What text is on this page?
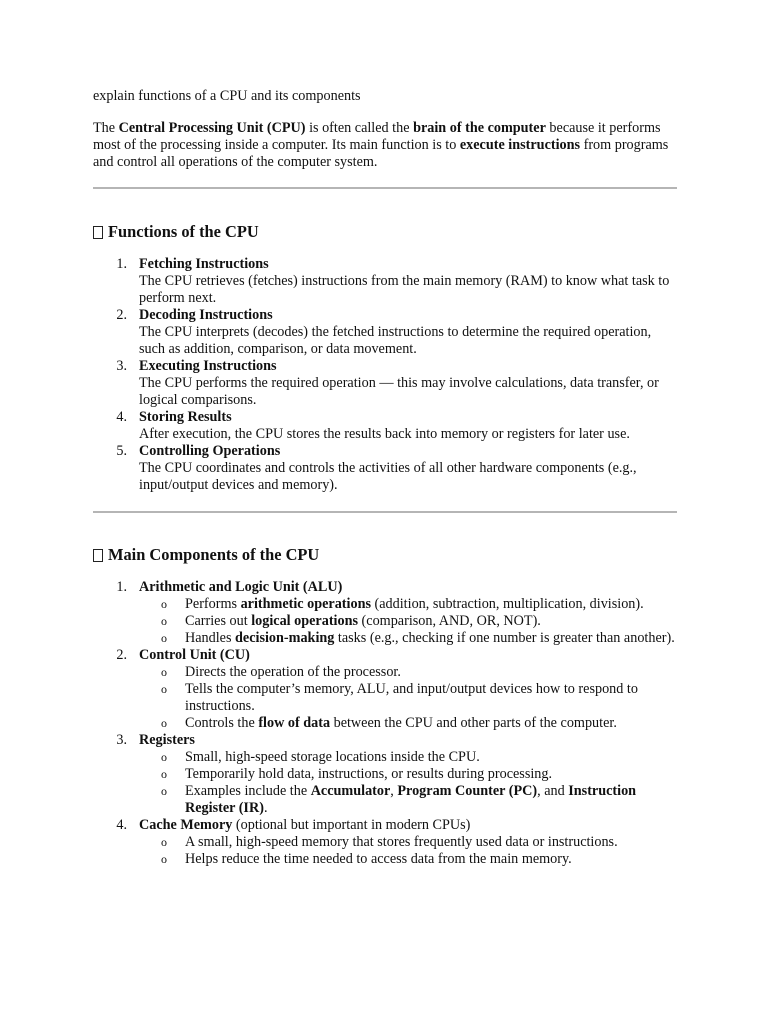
explain functions of a CPU and its components

The Central Processing Unit (CPU) is often called the brain of the computer because it performs most of the processing inside a computer. Its main function is to execute instructions from programs and control all operations of the computer system.

Functions of the CPU
1. Fetching Instructions
The CPU retrieves (fetches) instructions from the main memory (RAM) to know what task to perform next.
2. Decoding Instructions
The CPU interprets (decodes) the fetched instructions to determine the required operation, such as addition, comparison, or data movement.
3. Executing Instructions
The CPU performs the required operation — this may involve calculations, data transfer, or logical comparisons.
4. Storing Results
After execution, the CPU stores the results back into memory or registers for later use.
5. Controlling Operations
The CPU coordinates and controls the activities of all other hardware components (e.g., input/output devices and memory).
Main Components of the CPU
1. Arithmetic and Logic Unit (ALU)
o Performs arithmetic operations (addition, subtraction, multiplication, division).
o Carries out logical operations (comparison, AND, OR, NOT).
o Handles decision-making tasks (e.g., checking if one number is greater than another).
2. Control Unit (CU)
o Directs the operation of the processor.
o Tells the computer’s memory, ALU, and input/output devices how to respond to instructions.
o Controls the flow of data between the CPU and other parts of the computer.
3. Registers
o Small, high-speed storage locations inside the CPU.
o Temporarily hold data, instructions, or results during processing.
o Examples include the Accumulator, Program Counter (PC), and Instruction Register (IR).
4. Cache Memory (optional but important in modern CPUs)
o A small, high-speed memory that stores frequently used data or instructions.
o Helps reduce the time needed to access data from the main memory.
